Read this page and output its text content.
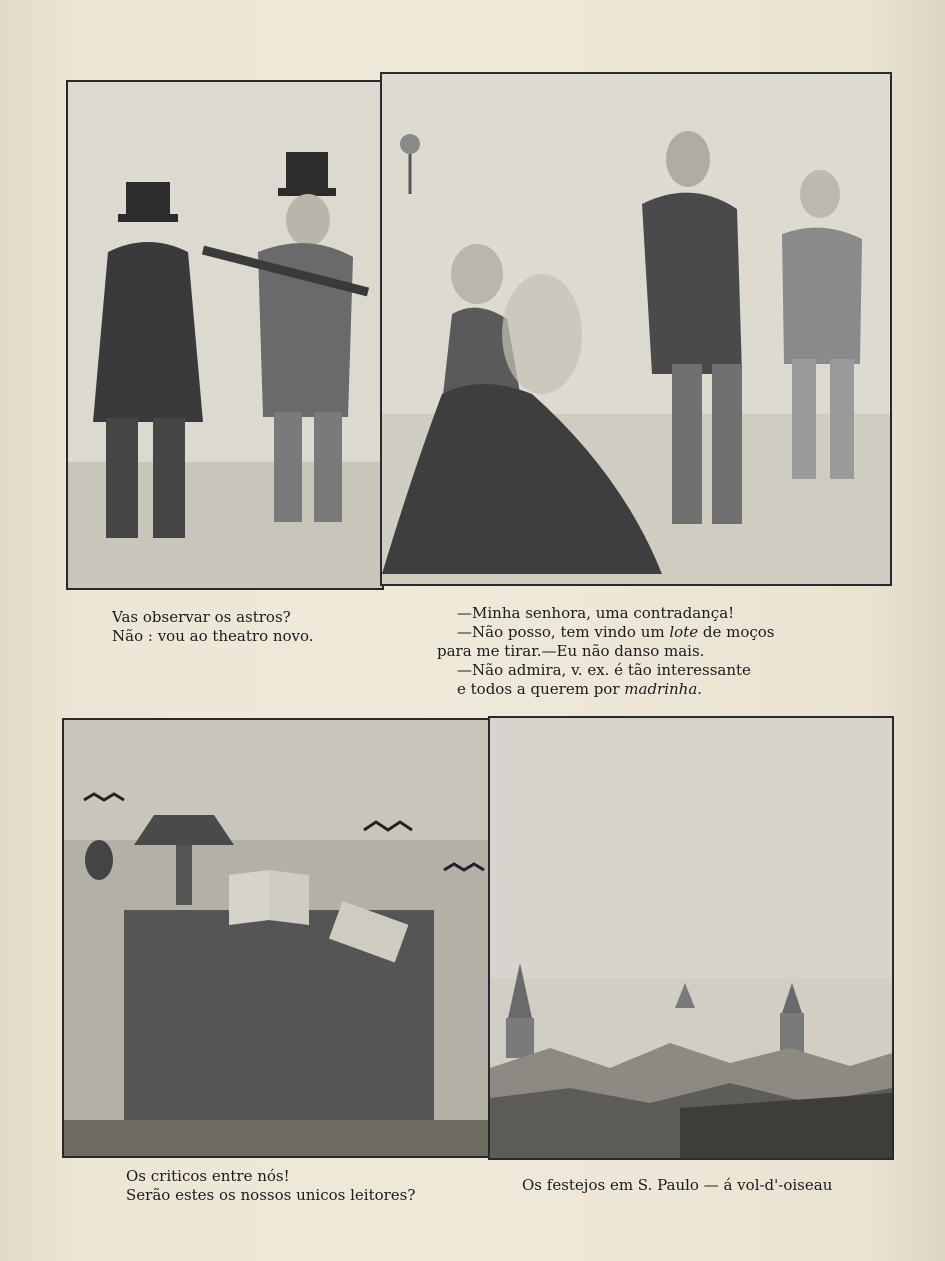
Vas observar os astros?
Não : vou ao theatro novo.
—Minha senhora, uma contradança!
—Não posso, tem vindo um lote de moços
para me tirar.—Eu não danso mais.
—Não admira, v. ex. é tão interessante
e todos a querem por madrinha.
Os criticos entre nós!
Serão estes os nossos unicos leitores?
Os festejos em S. Paulo — á vol-d'-oiseau
